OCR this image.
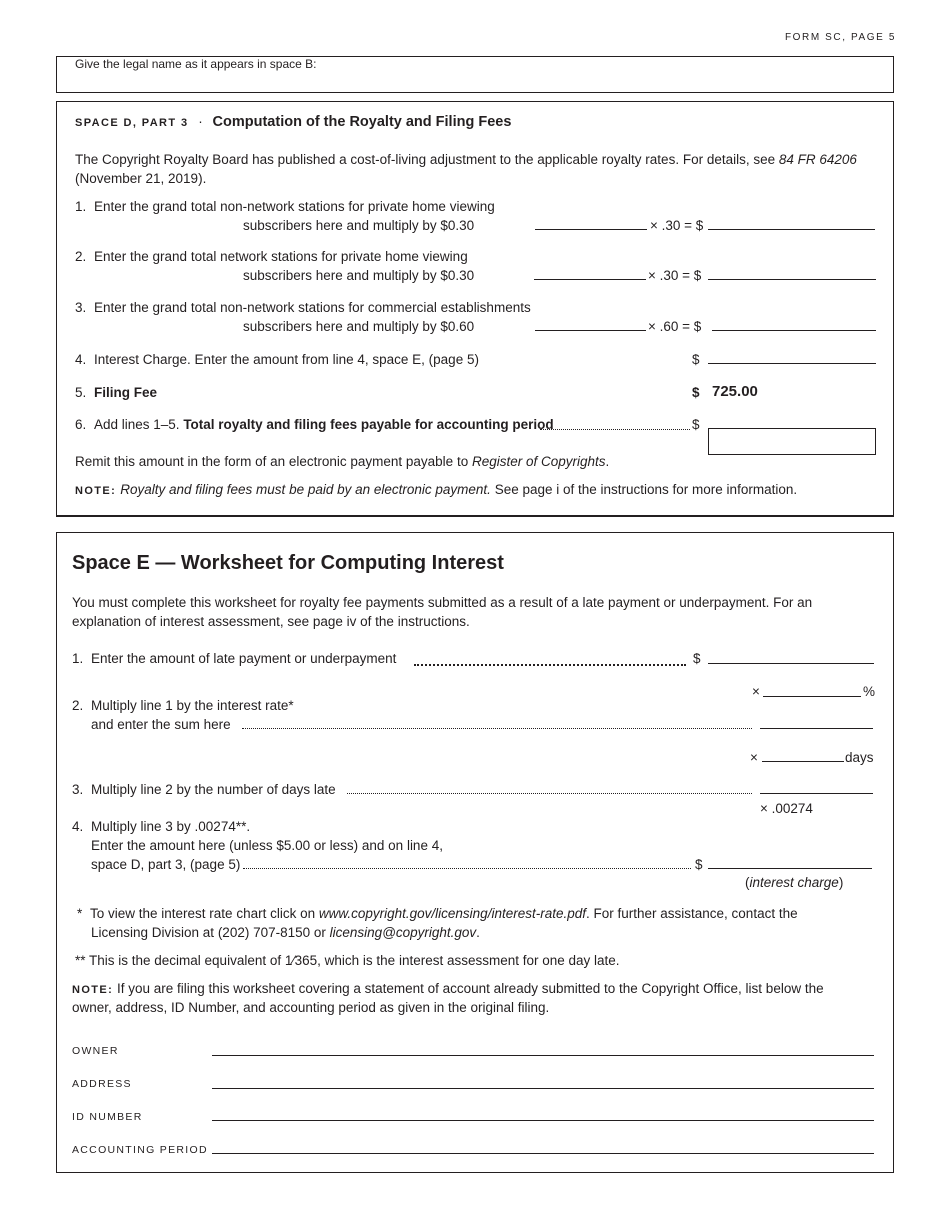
FORM SC, PAGE 5
Give the legal name as it appears in space B:
SPACE D, PART 3 · Computation of the Royalty and Filing Fees
The Copyright Royalty Board has published a cost-of-living adjustment to the applicable royalty rates. For details, see 84 FR 64206
(November 21, 2019).
1. Enter the grand total non-network stations for private home viewing
subscribers here and multiply by $0.30	× .30 = $
2. Enter the grand total network stations for private home viewing
subscribers here and multiply by $0.30	× .30 = $
3. Enter the grand total non-network stations for commercial establishments
subscribers here and multiply by $0.60	× .60 = $
4. Interest Charge. Enter the amount from line 4, space E, (page 5)	$
5. Filing Fee	$ 725.00
6. Add lines 1–5. Total royalty and filing fees payable for accounting period	$
Remit this amount in the form of an electronic payment payable to Register of Copyrights.
NOTE: Royalty and filing fees must be paid by an electronic payment. See page i of the instructions for more information.
Space E — Worksheet for Computing Interest
You must complete this worksheet for royalty fee payments submitted as a result of a late payment or underpayment. For an
explanation of interest assessment, see page iv of the instructions.
1. Enter the amount of late payment or underpayment	$
×	%
2. Multiply line 1 by the interest rate*
and enter the sum here
×	days
3. Multiply line 2 by the number of days late
× .00274
4. Multiply line 3 by .00274**.
Enter the amount here (unless $5.00 or less) and on line 4,
space D, part 3, (page 5)	$
(interest charge)
* To view the interest rate chart click on www.copyright.gov/licensing/interest-rate.pdf. For further assistance, contact the
Licensing Division at (202) 707-8150 or licensing@copyright.gov.
** This is the decimal equivalent of 1⁄365, which is the interest assessment for one day late.
NOTE: If you are filing this worksheet covering a statement of account already submitted to the Copyright Office, list below the
owner, address, ID Number, and accounting period as given in the original filing.
OWNER
ADDRESS
ID NUMBER
ACCOUNTING PERIOD
